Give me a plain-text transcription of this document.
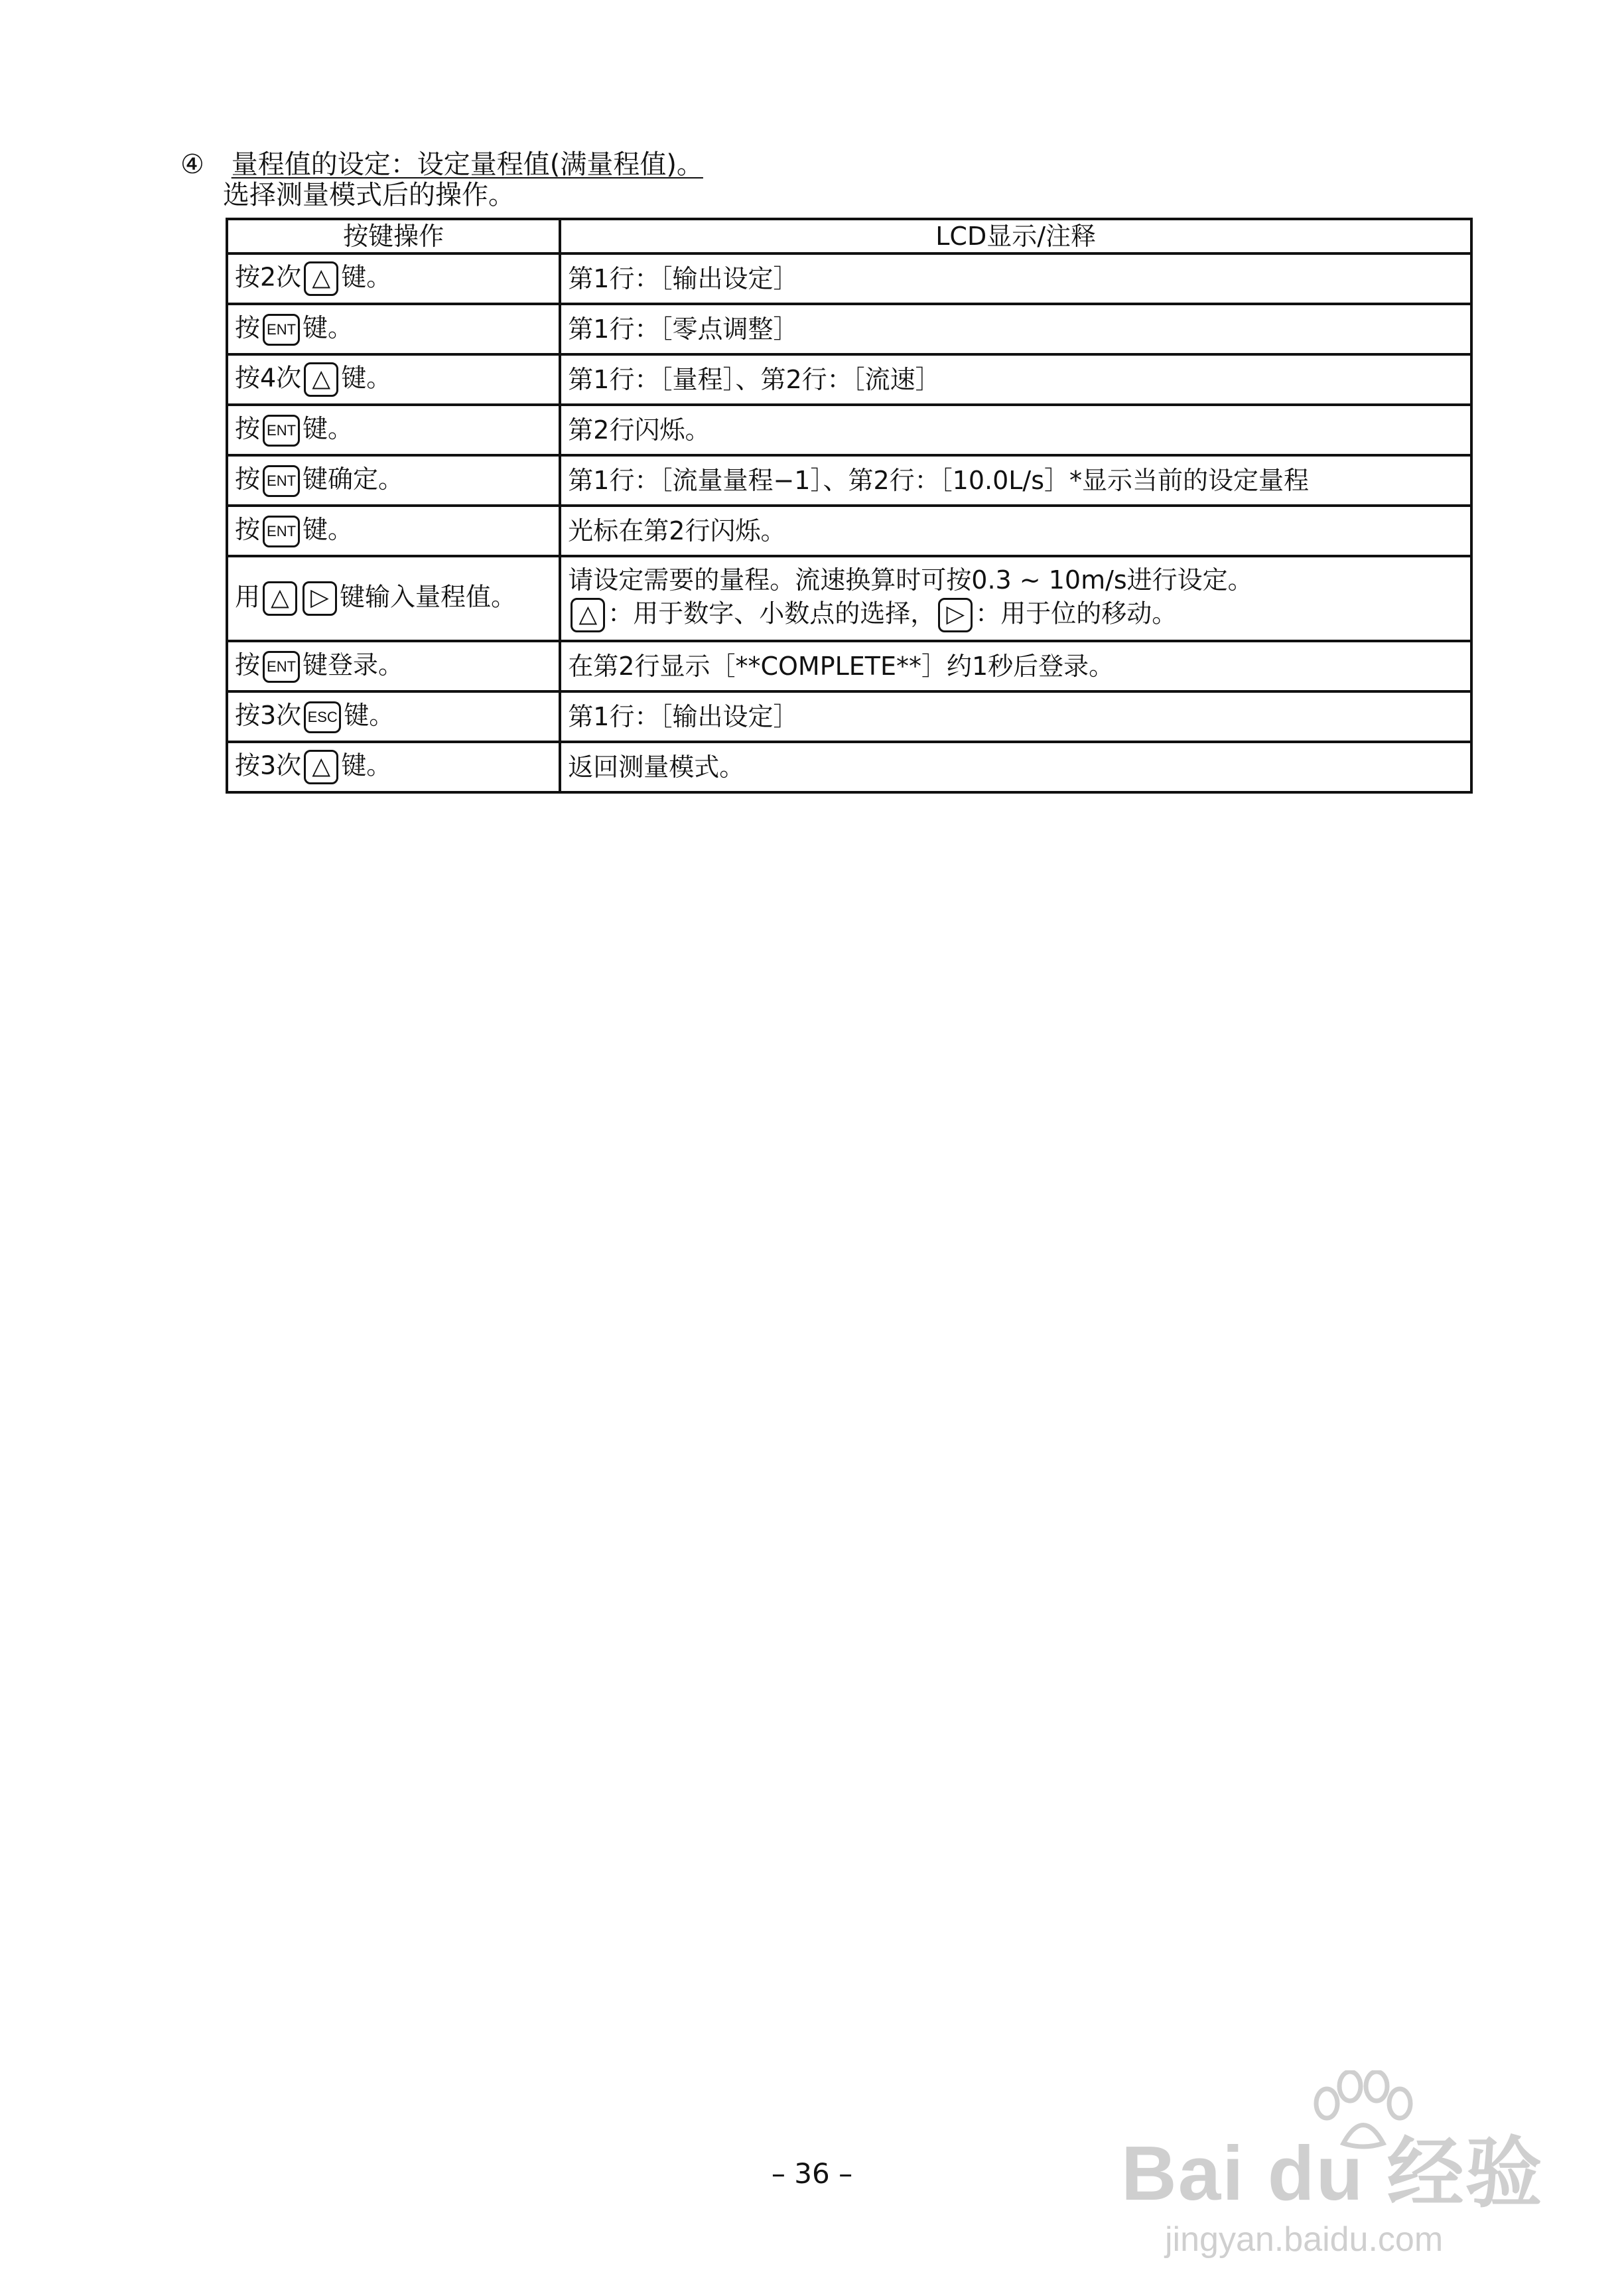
④ 量程值的设定：设定量程值(满量程值)。
选择测量模式后的操作。
按键操作	LCD显示/注释
按2次 △ 键。	第1行：［输出设定］
按 ENT 键。	第1行：［零点调整］
按4次 △ 键。	第1行：［量程］、第2行：［流速］
按 ENT 键。	第2行闪烁。
按 ENT 键确定。	第1行：［流量量程−1］、第2行：［10.0L/s］*显示当前的设定量程
按 ENT 键。	光标在第2行闪烁。
用 △ ▷ 键输入量程值。	请设定需要的量程。流速换算时可按0.3 ~ 10m/s进行设定。
△ ：用于数字、小数点的选择， ▷ ：用于位的移动。

按 ENT 键登录。	在第2行显示［**COMPLETE**］约1秒后登录。
按3次 ESC 键。	第1行：［输出设定］
按3次 △ 键。	返回测量模式。
– 36 –	Bai du 经验
jingyan.baidu.com
